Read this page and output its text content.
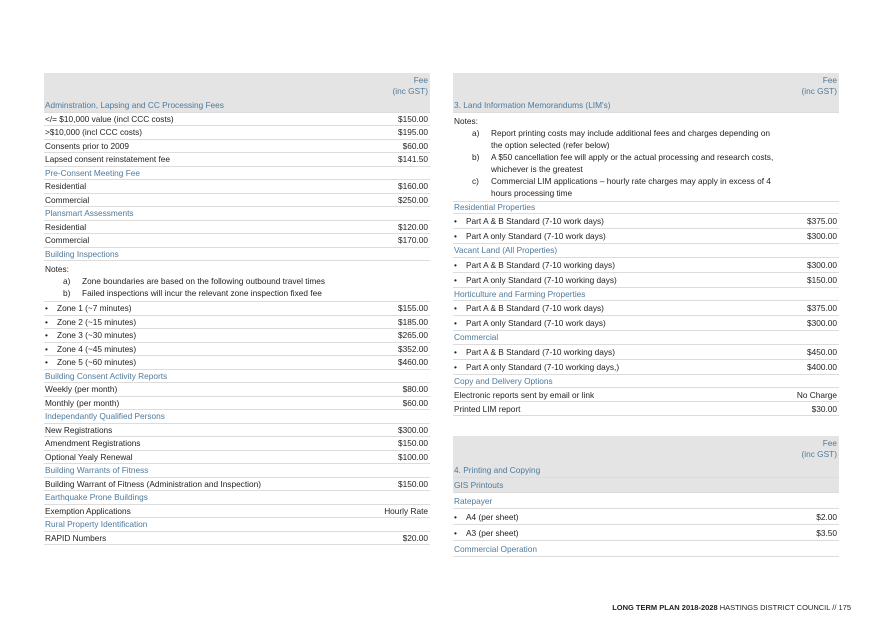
Fee
(inc GST)
Adminstration, Lapsing and CC Processing Fees
</= $10,000 value (incl CCC costs)	$150.00
>$10,000 (incl CCC costs)	$195.00
Consents prior to 2009	$60.00
Lapsed consent reinstatement fee	$141.50
Pre-Consent Meeting Fee
Residential	$160.00
Commercial	$250.00
Plansmart Assessments
Residential	$120.00
Commercial	$170.00
Building Inspections
Notes:
a)	Zone boundaries are based on the following outbound travel times
b)	Failed inspections will incur the relevant zone inspection fixed fee
• Zone 1 (~7 minutes)	$155.00
• Zone 2 (~15 minutes)	$185.00
• Zone 3 (~30 minutes)	$265.00
• Zone 4 (~45 minutes)	$352.00
• Zone 5 (~60 minutes)	$460.00
Building Consent Activity Reports
Weekly (per month)	$80.00
Monthly (per month)	$60.00
Independantly Qualified Persons
New Registrations	$300.00
Amendment Registrations	$150.00
Optional Yealy Renewal	$100.00
Building Warrants of Fitness
Building Warrant of Fitness (Administration and Inspection)	$150.00
Earthquake Prone Buildings
Exemption Applications	Hourly Rate
Rural Property Identification
RAPID Numbers	$20.00
Fee
(inc GST)
3. Land Information Memorandums (LIM's)
Notes:
a)	Report printing costs may include additional fees and charges depending on the option selected (refer below)
b)	A $50 cancellation fee will apply or the actual processing and research costs, whichever is the greatest
c)	Commercial LIM applications – hourly rate charges may apply in excess of 4 hours processing time
Residential Properties
• Part A & B Standard (7-10 work days)	$375.00
• Part A only Standard (7-10 work days)	$300.00
Vacant Land (All Properties)
• Part A & B Standard (7-10 working days)	$300.00
• Part A only Standard (7-10 working days)	$150.00
Horticulture and Farming Properties
• Part A & B Standard (7-10 work days)	$375.00
• Part A only Standard (7-10 work days)	$300.00
Commercial
• Part A & B Standard (7-10 working days)	$450.00
• Part A only Standard (7-10 working days,)	$400.00
Copy and Delivery Options
Electronic reports sent by email or link	No Charge
Printed LIM report	$30.00
Fee
(inc GST)
4. Printing and Copying
GIS Printouts
Ratepayer
• A4 (per sheet)	$2.00
• A3 (per sheet)	$3.50
Commercial Operation
LONG TERM PLAN 2018-2028 HASTINGS DISTRICT COUNCIL // 175
